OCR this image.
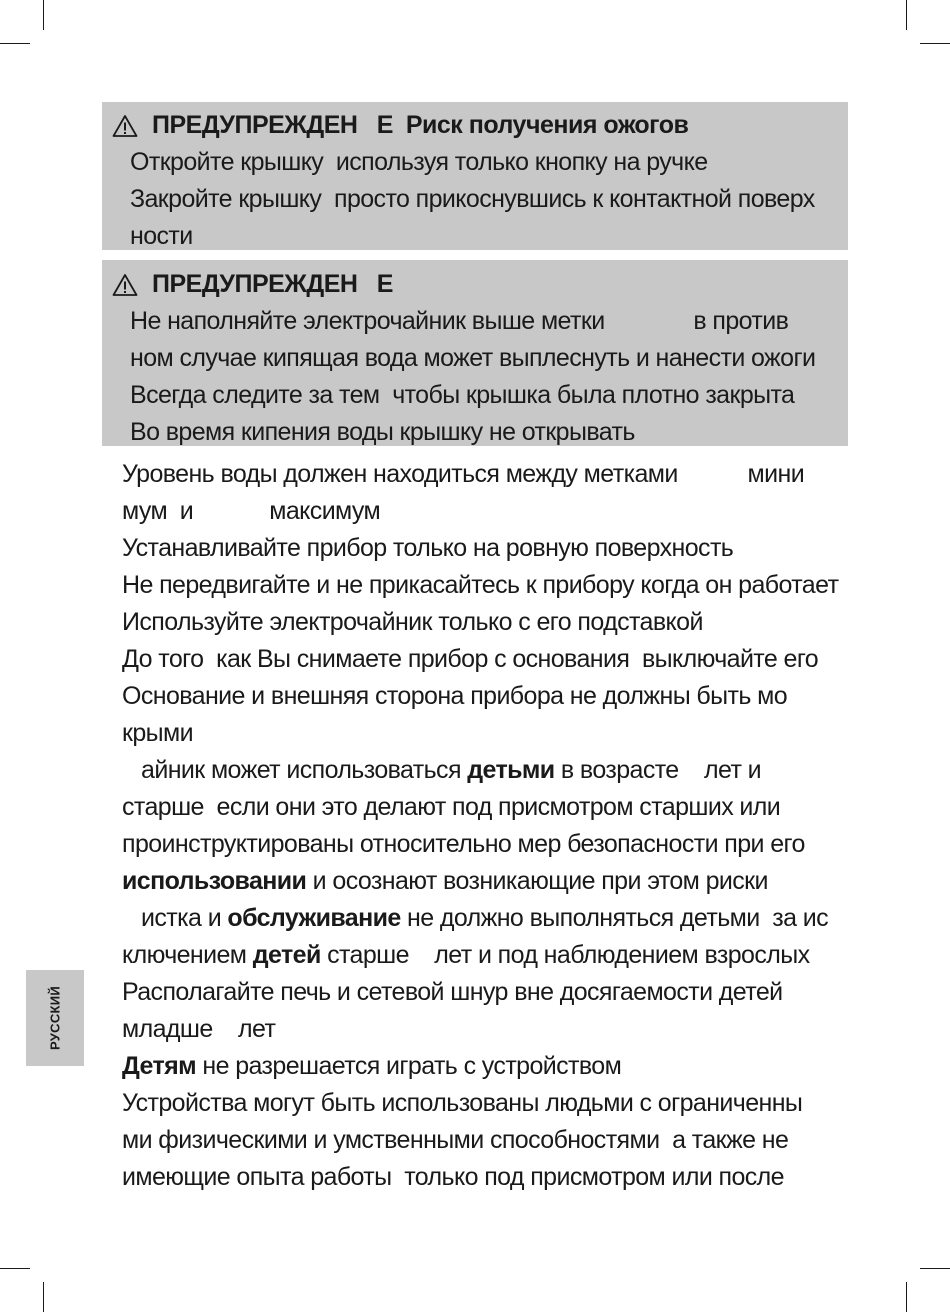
ПРЕДУПРЕЖДЕН   Е  Риск получения ожогов
Откройте крышку  используя только кнопку на ручке
Закройте крышку  просто прикоснувшись к контактной поверх
ности
ПРЕДУПРЕЖДЕН   Е
Не наполняйте электрочайник выше метки              в против
ном случае кипящая вода может выплеснуть и нанести ожоги
Всегда следите за тем  чтобы крышка была плотно закрыта
Во время кипения воды крышку не открывать
Уровень воды должен находиться между метками           мини
мум  и            максимум
Устанавливайте прибор только на ровную поверхность
Не передвигайте и не прикасайтесь к прибору когда он работает
Используйте электрочайник только с его подставкой
До того  как Вы снимаете прибор с основания  выключайте его
Основание и внешняя сторона прибора не должны быть мо
крыми
айник может использоваться детьми в возрасте    лет и
старше  если они это делают под присмотром старших или
проинструктированы относительно мер безопасности при его
использовании и осознают возникающие при этом риски
истка и обслуживание не должно выполняться детьми  за ис
ключением детей старше    лет и под наблюдением взрослых
Располагайте печь и сетевой шнур вне досягаемости детей
младше    лет
Детям не разрешается играть с устройством
Устройства могут быть использованы людьми с ограниченны
ми физическими и умственными способностями  а также не
имеющие опыта работы  только под присмотром или после
РУССКИЙ
